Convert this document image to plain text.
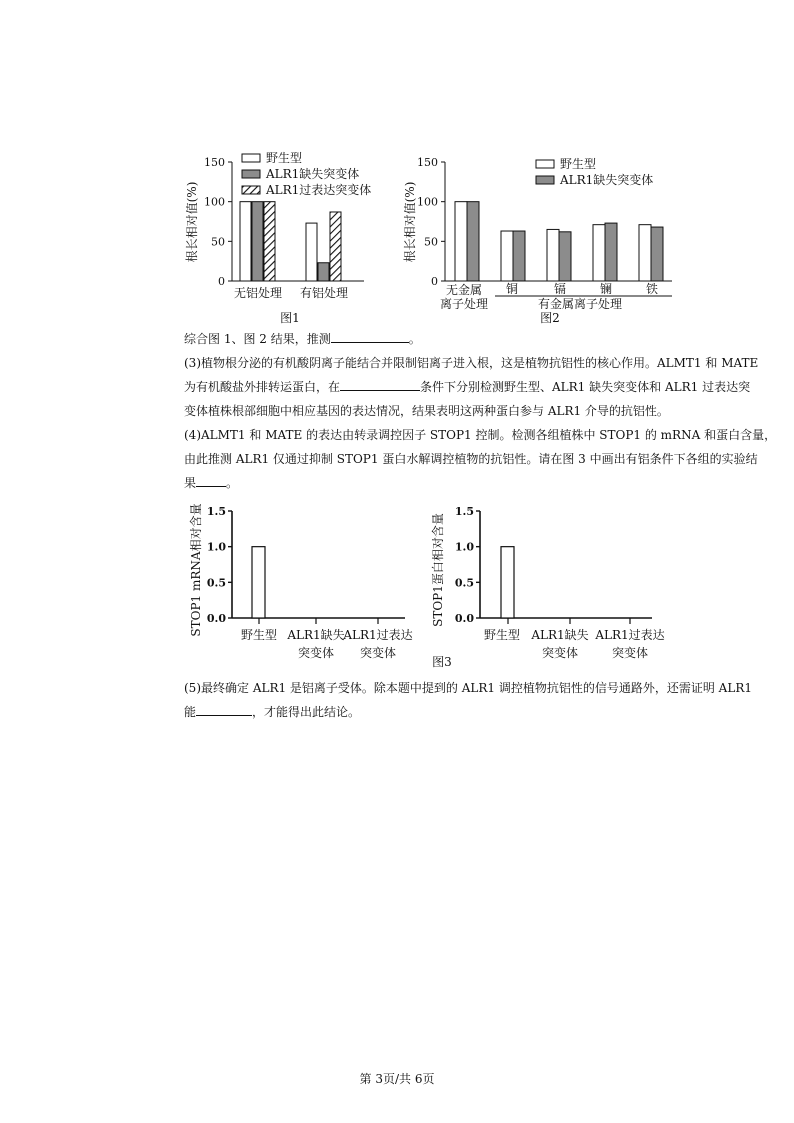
0
50
100
150
根长相对值(%)
野生型
ALR1缺失突变体
ALR1过表达突变体
无铝处理 有铝处理
图1
0
50
100
150
根长相对值(%)
野生型
ALR1缺失突变体
无金属
离子处理
铜	镉	镧	铁
有金属离子处理
图2
综合图 1、图 2 结果，推测	。
(3)植物根分泌的有机酸阴离子能结合并限制铝离子进入根，这是植物抗铝性的核心作用。ALMT1 和 MATE
为有机酸盐外排转运蛋白，在	条件下分别检测野生型、ALR1 缺失突变体和 ALR1 过表达突
变体植株根部细胞中相应基因的表达情况，结果表明这两种蛋白参与 ALR1 介导的抗铝性。
(4)ALMT1 和 MATE 的表达由转录调控因子 STOP1 控制。检测各组植株中 STOP1 的 mRNA 和蛋白含量，
由此推测 ALR1 仅通过抑制 STOP1 蛋白水解调控植物的抗铝性。请在图 3 中画出有铝条件下各组的实验结
果	。
STOP1 mRNA相对含量 0.0
0.5
1.0
1.5
野生型 ALR1缺失
突变体
ALR1过表达
突变体
STOP1蛋白相对含量 0.0
0.5
1.0
1.5
野生型 ALR1缺失
突变体
ALR1过表达
突变体
图3
(5)最终确定 ALR1 是铝离子受体。除本题中提到的 ALR1 调控植物抗铝性的信号通路外，还需证明 ALR1
能	，才能得出此结论。
第 3页/共 6页
